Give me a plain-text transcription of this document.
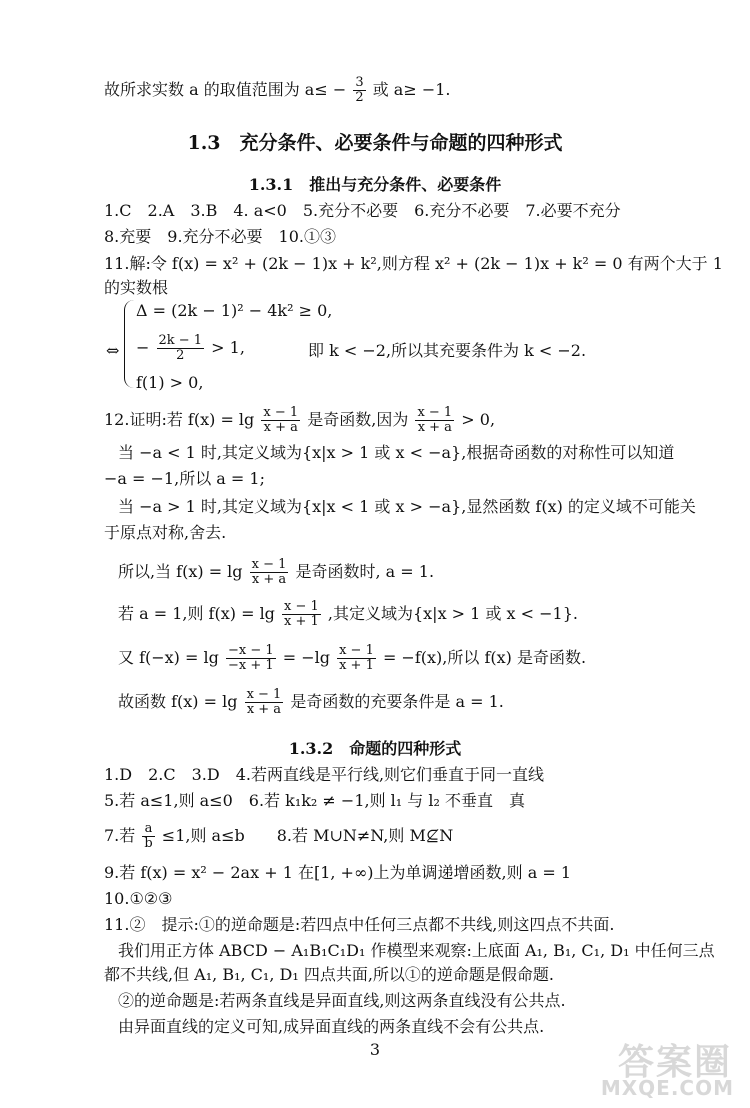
故所求实数 a 的取值范围为 $a\le - \frac{3}{2}$ 或 a≥ −1.
1.3　充分条件、必要条件与命题的四种形式
1.3.1　推出与充分条件、必要条件
1.C　2.A　3.B　4. a<0　5.充分不必要　6.充分不必要　7.必要不充分
8.充要　9.充分不必要　10.①③
11.解:令 f(x) = x² + (2k − 1)x + k²,则方程 x² + (2k − 1)x + k² = 0 有两个大于 1
的实数根
⇔
Δ = (2k − 1)² − 4k² ≥ 0,
− $\frac{2k - 1}{2} > 1$,	即 k < −2,所以其充要条件为 k < −2.
f(1) > 0,
12.证明:若 $f(x) = \lg \frac{x - 1}{x + a}$ 是奇函数,因为 $\frac{x - 1}{x + a} > 0$,
当 −a < 1 时,其定义域为{x|x > 1 或 x < −a},根据奇函数的对称性可以知道
−a = −1,所以 a = 1;
当 −a > 1 时,其定义域为{x|x < 1 或 x > −a},显然函数 f(x) 的定义域不可能关
于原点对称,舍去.
所以,当 $f(x) = \lg \frac{x - 1}{x + a}$ 是奇函数时, a = 1.
若 a = 1,则 $f(x) = \lg \frac{x - 1}{x + 1}$ ,其定义域为{x|x > 1 或 x < −1}.
又 $f(-x) = \lg \frac{-x - 1}{-x + 1} = -\lg \frac{x - 1}{x + 1} = -f(x)$,所以 f(x) 是奇函数.
故函数 $f(x) = \lg \frac{x - 1}{x + a}$ 是奇函数的充要条件是 a = 1.
1.3.2　命题的四种形式
1.D　2.C　3.D　4.若两直线是平行线,则它们垂直于同一直线
5.若 a≤1,则 a≤0　6.若 k₁k₂ ≠ −1,则 l₁ 与 l₂ 不垂直　真
7.若 $\frac{a}{b} \le 1$,则 a≤b　　8.若 M∪N≠N,则 M⊈N
9.若 f(x) = x² − 2ax + 1 在[1, +∞)上为单调递增函数,则 a = 1
10.①②③
11.②　提示:①的逆命题是:若四点中任何三点都不共线,则这四点不共面.
我们用正方体 ABCD − A₁B₁C₁D₁ 作模型来观察:上底面 A₁, B₁, C₁, D₁ 中任何三点
都不共线,但 A₁, B₁, C₁, D₁ 四点共面,所以①的逆命题是假命题.
②的逆命题是:若两条直线是异面直线,则这两条直线没有公共点.
由异面直线的定义可知,成异面直线的两条直线不会有公共点.
3	答案圈
MXQE.COM
